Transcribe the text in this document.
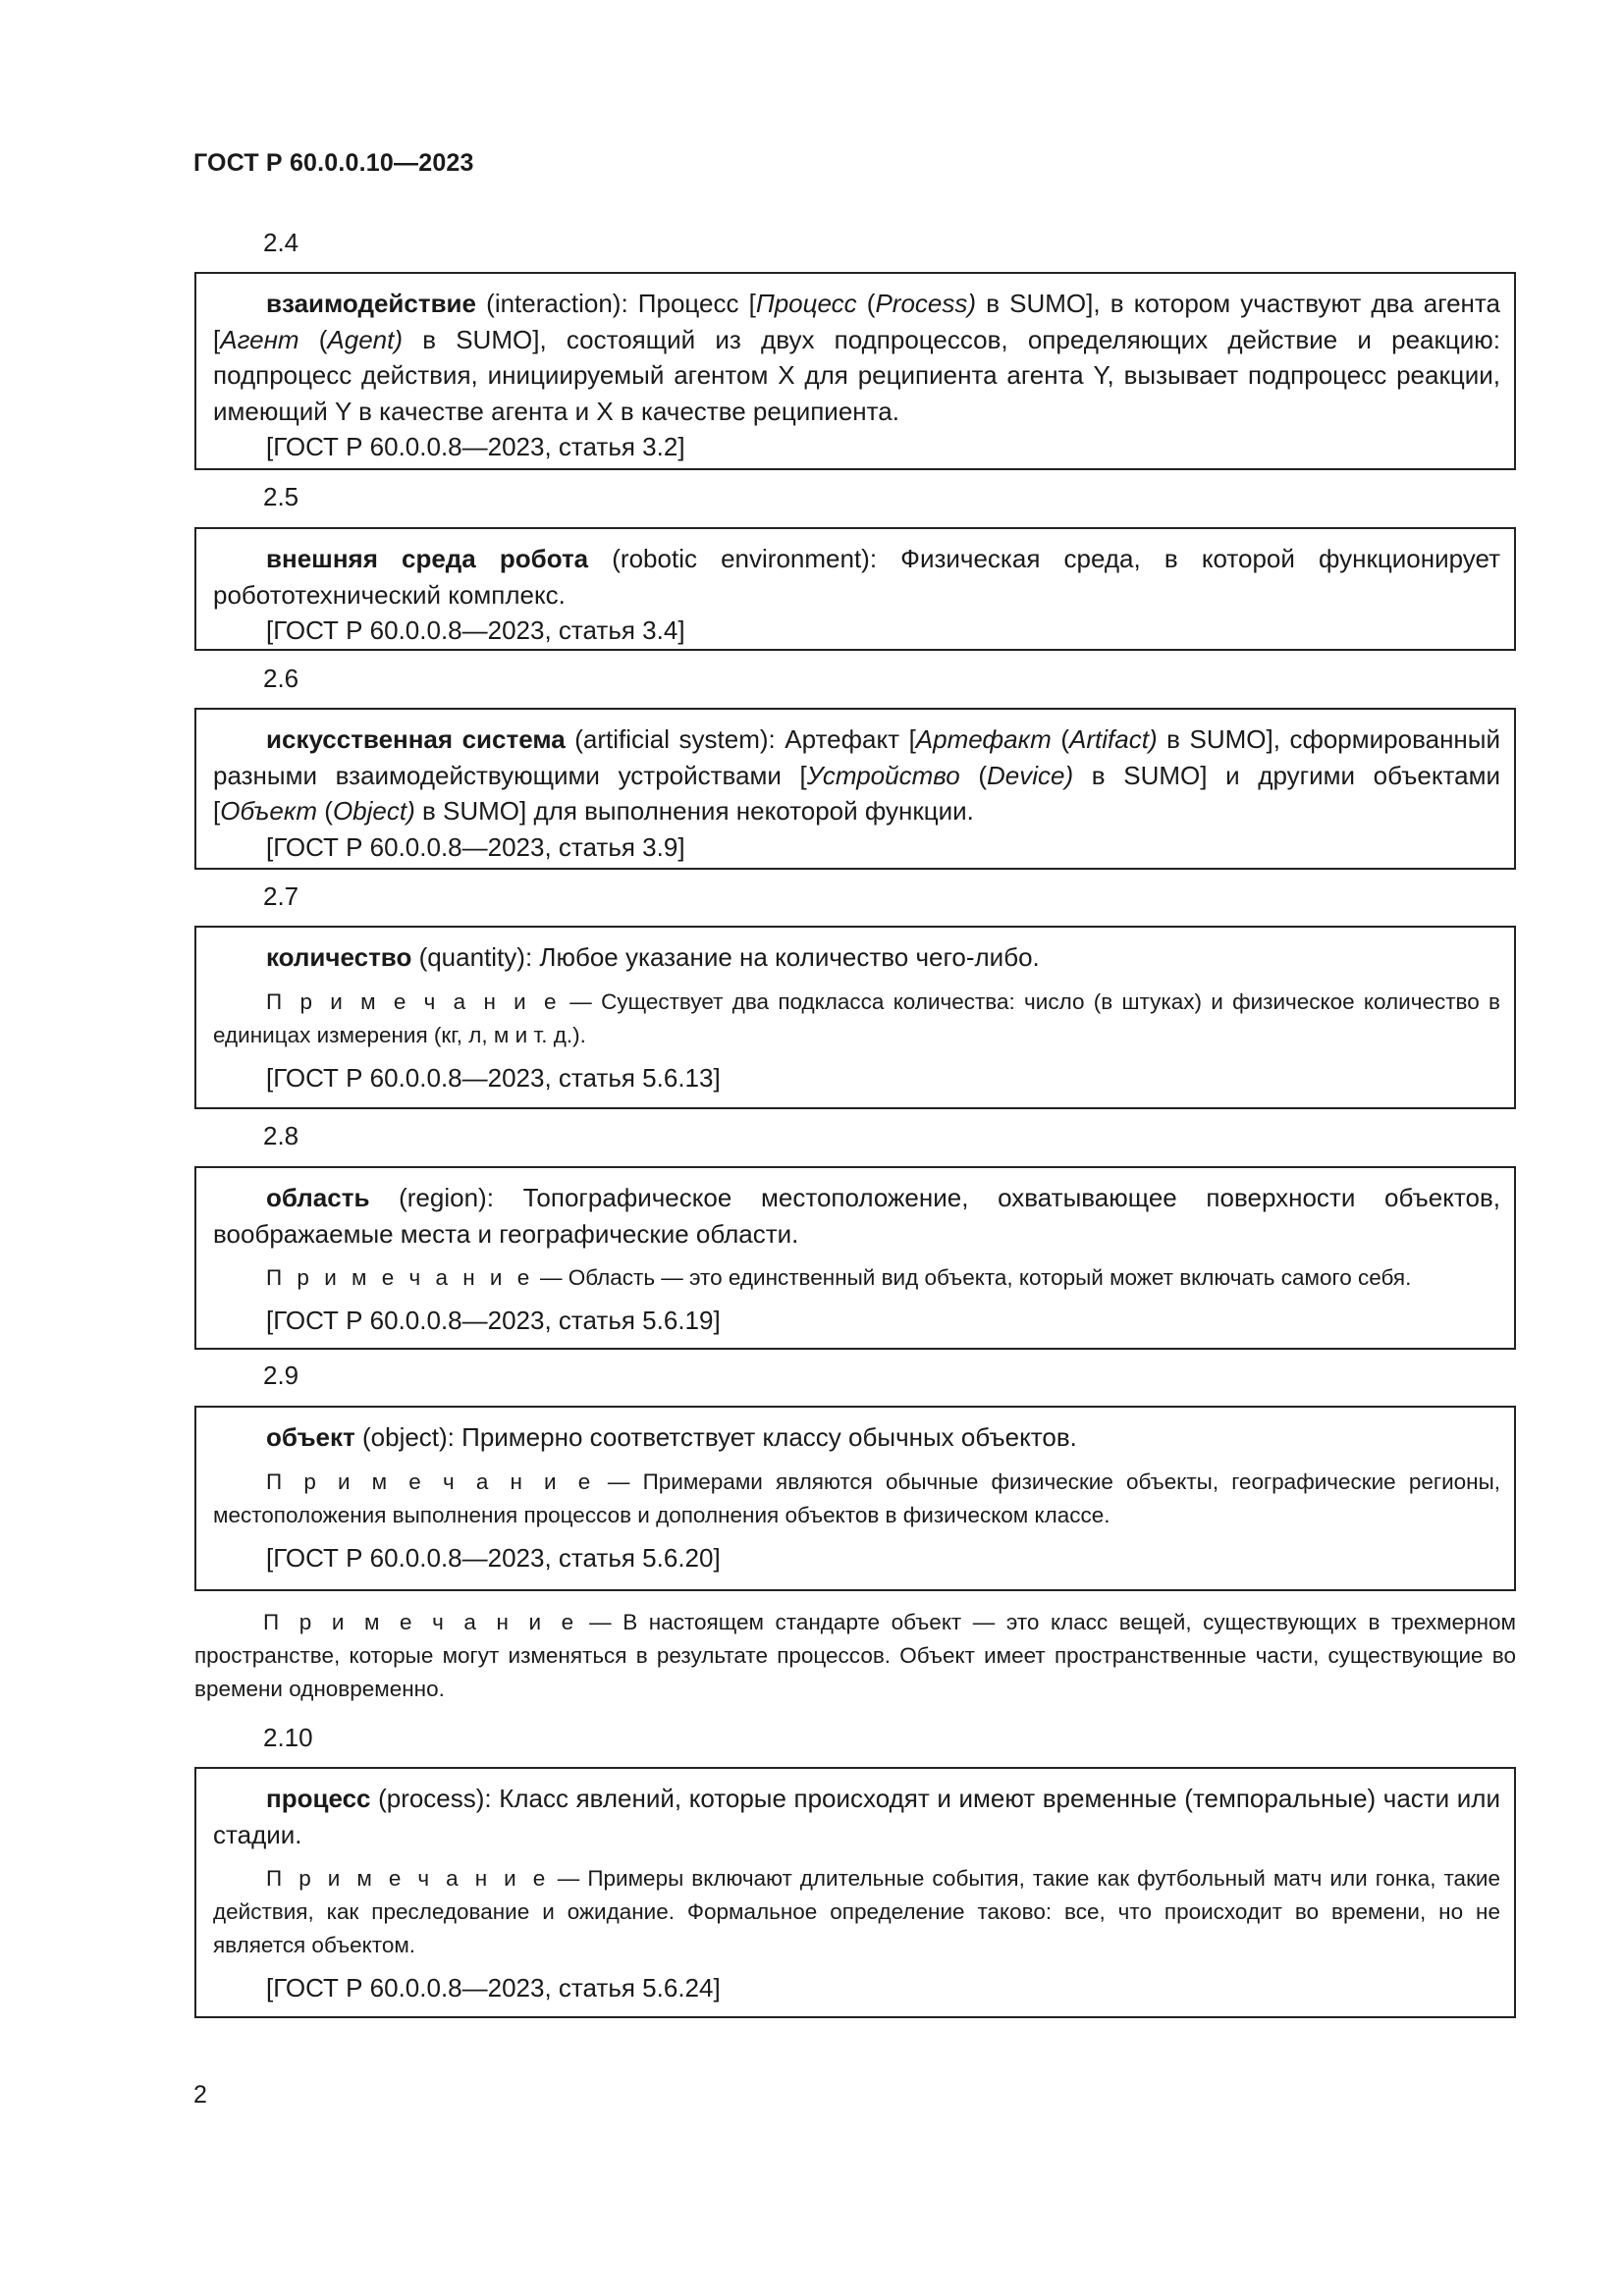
ГОСТ Р 60.0.0.10—2023
2.4

взаимодействие (interaction): Процесс [Процесс (Process) в SUMO], в котором участвуют два агента [Агент (Agent) в SUMO], состоящий из двух подпроцессов, определяющих действие и реакцию: подпроцесс действия, инициируемый агентом X для реципиента агента Y, вызывает подпроцесс реакции, имеющий Y в качестве агента и X в качестве реципиента.

[ГОСТ Р 60.0.0.8—2023, статья 3.2]

2.5

внешняя среда робота (robotic environment): Физическая среда, в которой функционирует робототехнический комплекс.

[ГОСТ Р 60.0.0.8—2023, статья 3.4]

2.6

искусственная система (artificial system): Артефакт [Артефакт (Artifact) в SUMO], сформированный разными взаимодействующими устройствами [Устройство (Device) в SUMO] и другими объектами [Объект (Object) в SUMO] для выполнения некоторой функции.

[ГОСТ Р 60.0.0.8—2023, статья 3.9]

2.7

количество (quantity): Любое указание на количество чего-либо.

П р и м е ч а н и е — Существует два подкласса количества: число (в штуках) и физическое количество в единицах измерения (кг, л, м и т. д.).

[ГОСТ Р 60.0.0.8—2023, статья 5.6.13]

2.8

область (region): Топографическое местоположение, охватывающее поверхности объектов, воображаемые места и географические области.

П р и м е ч а н и е — Область — это единственный вид объекта, который может включать самого себя.

[ГОСТ Р 60.0.0.8—2023, статья 5.6.19]

2.9

объект (object): Примерно соответствует классу обычных объектов.

П р и м е ч а н и е — Примерами являются обычные физические объекты, географические регионы, местоположения выполнения процессов и дополнения объектов в физическом классе.

[ГОСТ Р 60.0.0.8—2023, статья 5.6.20]

П р и м е ч а н и е — В настоящем стандарте объект — это класс вещей, существующих в трехмерном пространстве, которые могут изменяться в результате процессов. Объект имеет пространственные части, существующие во времени одновременно.

2.10

процесс (process): Класс явлений, которые происходят и имеют временные (темпоральные) части или стадии.

П р и м е ч а н и е — Примеры включают длительные события, такие как футбольный матч или гонка, такие действия, как преследование и ожидание. Формальное определение таково: все, что происходит во времени, но не является объектом.

[ГОСТ Р 60.0.0.8—2023, статья 5.6.24]

2
